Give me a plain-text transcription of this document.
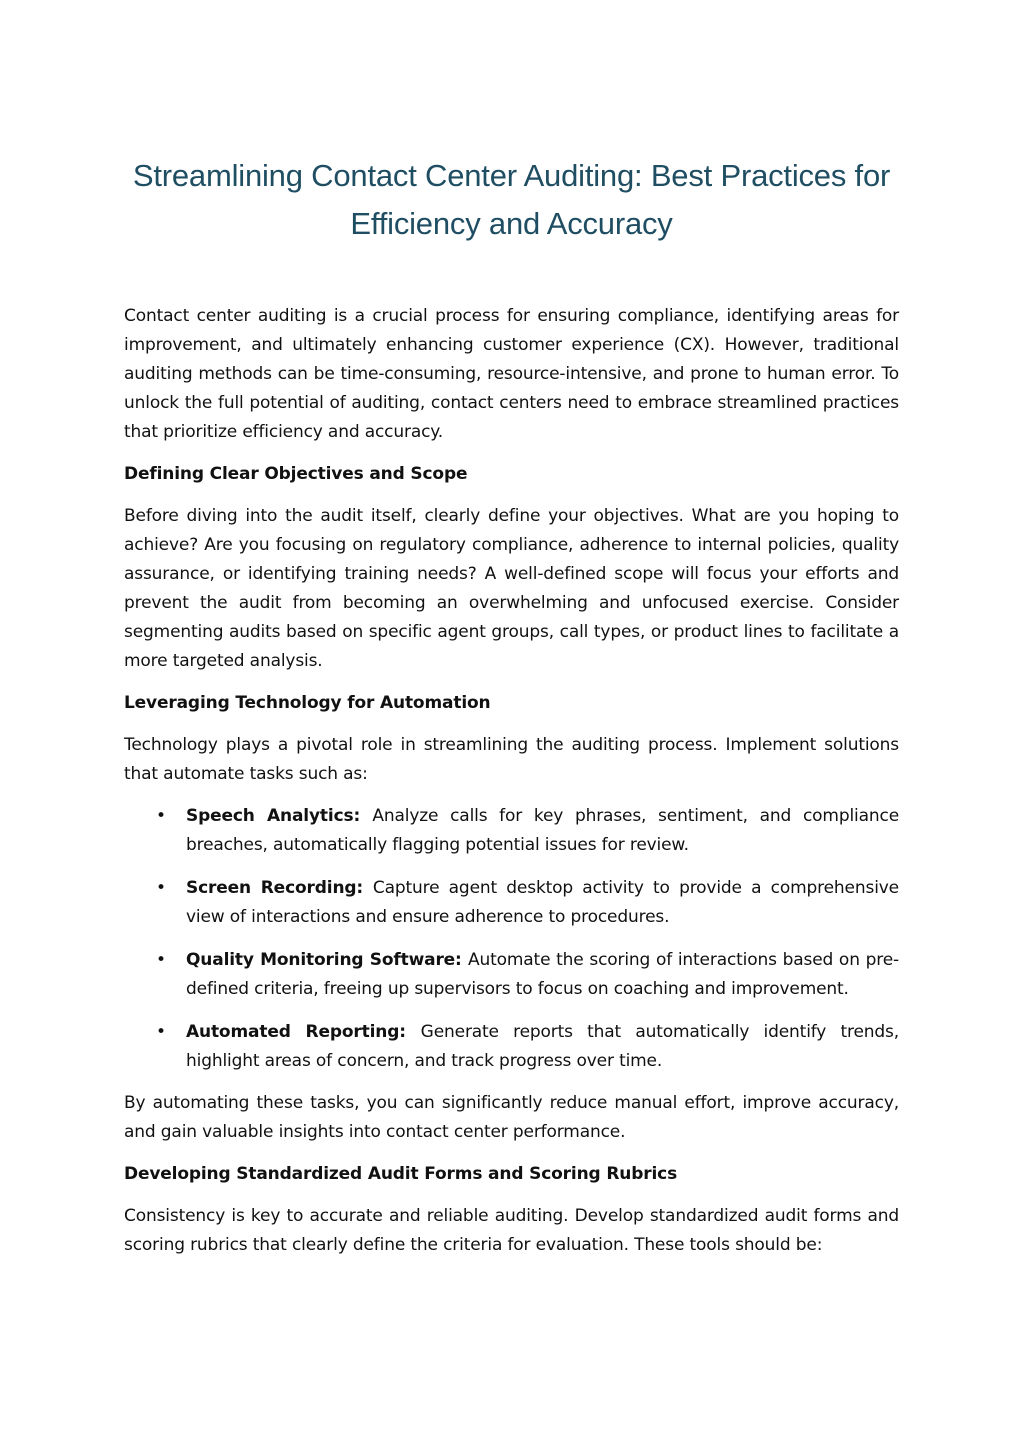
Streamlining Contact Center Auditing: Best Practices for Efficiency and Accuracy

Contact center auditing is a crucial process for ensuring compliance, identifying areas for improvement, and ultimately enhancing customer experience (CX). However, traditional auditing methods can be time-consuming, resource-intensive, and prone to human error. To unlock the full potential of auditing, contact centers need to embrace streamlined practices that prioritize efficiency and accuracy.

Defining Clear Objectives and Scope

Before diving into the audit itself, clearly define your objectives. What are you hoping to achieve? Are you focusing on regulatory compliance, adherence to internal policies, quality assurance, or identifying training needs? A well-defined scope will focus your efforts and prevent the audit from becoming an overwhelming and unfocused exercise. Consider segmenting audits based on specific agent groups, call types, or product lines to facilitate a more targeted analysis.

Leveraging Technology for Automation

Technology plays a pivotal role in streamlining the auditing process. Implement solutions that automate tasks such as:

• Speech Analytics: Analyze calls for key phrases, sentiment, and compliance breaches, automatically flagging potential issues for review.
• Screen Recording: Capture agent desktop activity to provide a comprehensive view of interactions and ensure adherence to procedures.
• Quality Monitoring Software: Automate the scoring of interactions based on pre-defined criteria, freeing up supervisors to focus on coaching and improvement.
• Automated Reporting: Generate reports that automatically identify trends, highlight areas of concern, and track progress over time.

By automating these tasks, you can significantly reduce manual effort, improve accuracy, and gain valuable insights into contact center performance.

Developing Standardized Audit Forms and Scoring Rubrics

Consistency is key to accurate and reliable auditing. Develop standardized audit forms and scoring rubrics that clearly define the criteria for evaluation. These tools should be:
